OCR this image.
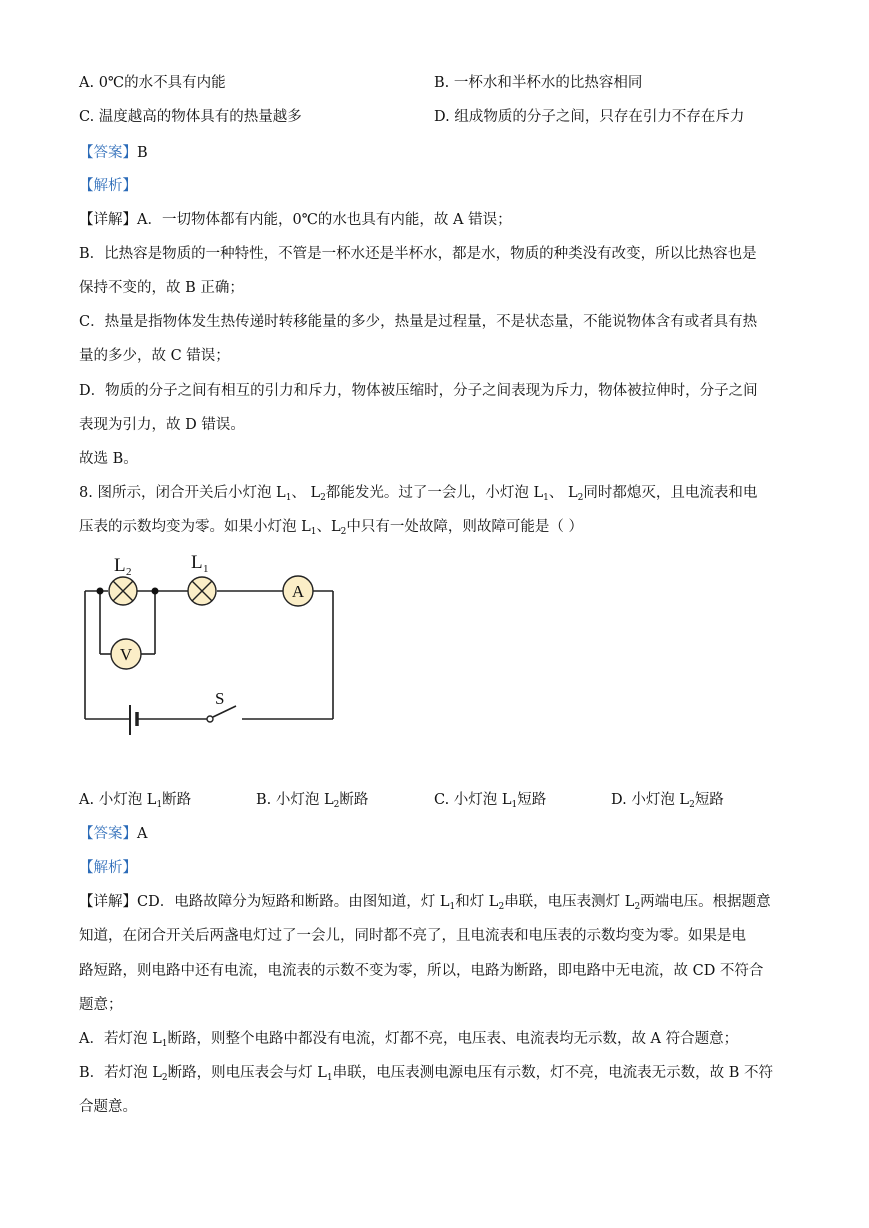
A. 0℃的水不具有内能	B. 一杯水和半杯水的比热容相同
C. 温度越高的物体具有的热量越多	D. 组成物质的分子之间，只存在引力不存在斥力
【答案】B
【解析】
【详解】A．一切物体都有内能，0℃的水也具有内能，故 A 错误；
B．比热容是物质的一种特性，不管是一杯水还是半杯水，都是水，物质的种类没有改变，所以比热容也是
保持不变的，故 B 正确；
C．热量是指物体发生热传递时转移能量的多少，热量是过程量，不是状态量，不能说物体含有或者具有热
量的多少，故 C 错误；
D．物质的分子之间有相互的引力和斥力，物体被压缩时，分子之间表现为斥力，物体被拉伸时，分子之间
表现为引力，故 D 错误。
故选 B。
8. 图所示，闭合开关后小灯泡 $L_1$、 $L_2$都能发光。过了一会儿，小灯泡 $L_1$、 $L_2$同时都熄灭，且电流表和电
压表的示数均变为零。如果小灯泡 $L_1$、$L_2$中只有一处故障，则故障可能是（ ）
S
L 2	L 1
A
V
A. 小灯泡 $L_1$断路	B. 小灯泡 $L_2$断路	C. 小灯泡 $L_1$短路	D. 小灯泡 $L_2$短路
【答案】A
【解析】
【详解】CD．电路故障分为短路和断路。由图知道，灯 $L_1$和灯 $L_2$串联，电压表测灯 $L_2$两端电压。根据题意
知道，在闭合开关后两盏电灯过了一会儿，同时都不亮了，且电流表和电压表的示数均变为零。如果是电
路短路，则电路中还有电流，电流表的示数不变为零，所以，电路为断路，即电路中无电流，故 CD 不符合
题意；
A．若灯泡 $L_1$断路，则整个电路中都没有电流，灯都不亮，电压表、电流表均无示数，故 A 符合题意；
B．若灯泡 $L_2$断路，则电压表会与灯 $L_1$串联，电压表测电源电压有示数，灯不亮，电流表无示数，故 B 不符
合题意。
